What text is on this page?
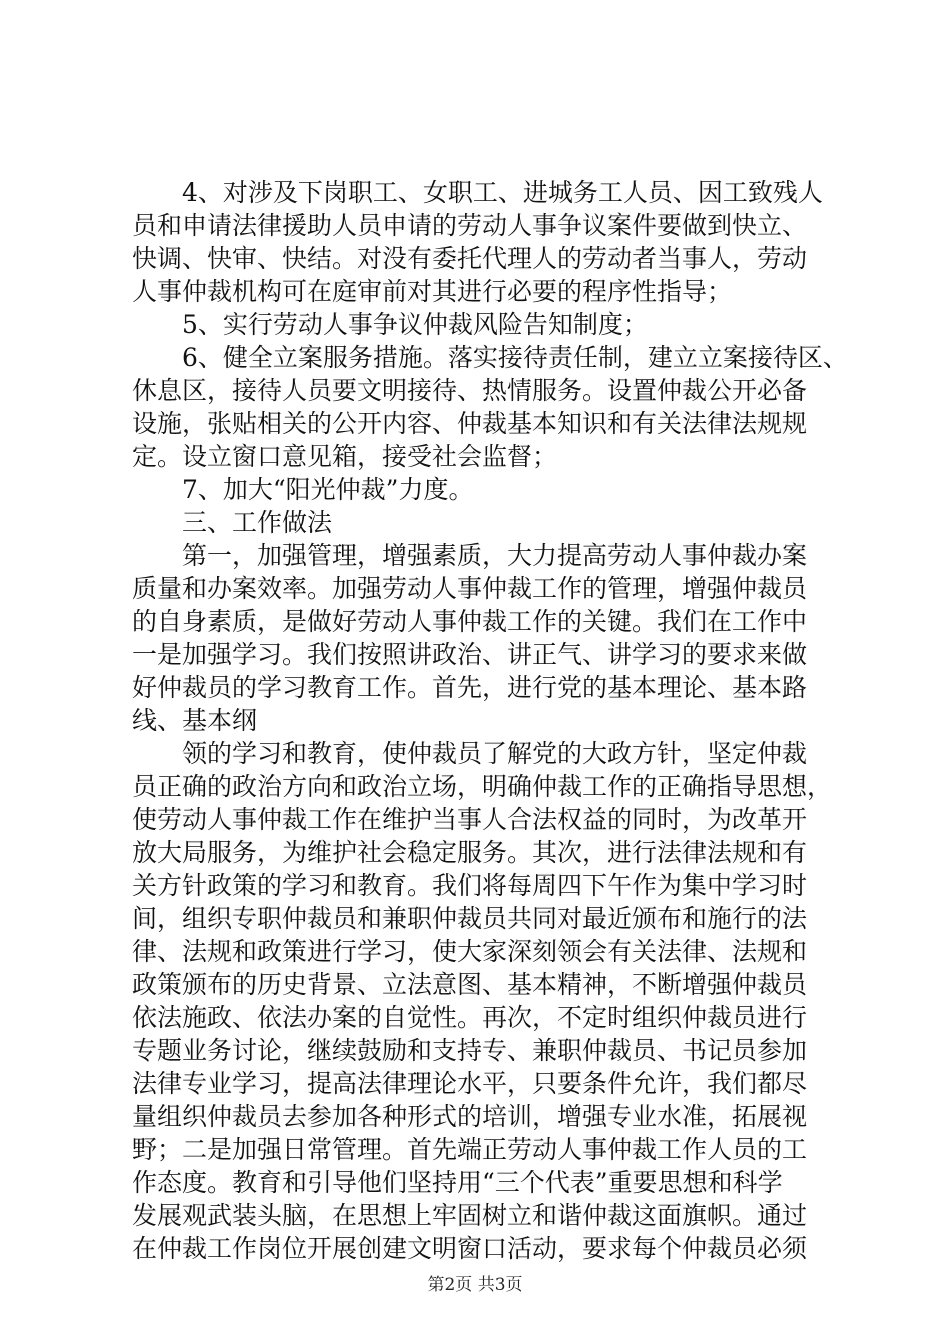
4、对涉及下岗职工、女职工、进城务工人员、因工致残人
员和申请法律援助人员申请的劳动人事争议案件要做到快立、
快调、快审、快结。对没有委托代理人的劳动者当事人，劳动
人事仲裁机构可在庭审前对其进行必要的程序性指导；
5、实行劳动人事争议仲裁风险告知制度；
6、健全立案服务措施。落实接待责任制，建立立案接待区、
休息区，接待人员要文明接待、热情服务。设置仲裁公开必备
设施，张贴相关的公开内容、仲裁基本知识和有关法律法规规
定。设立窗口意见箱，接受社会监督；
7、加大“阳光仲裁”力度。
三、工作做法
第一，加强管理，增强素质，大力提高劳动人事仲裁办案
质量和办案效率。加强劳动人事仲裁工作的管理，增强仲裁员
的自身素质，是做好劳动人事仲裁工作的关键。我们在工作中
一是加强学习。我们按照讲政治、讲正气、讲学习的要求来做
好仲裁员的学习教育工作。首先，进行党的基本理论、基本路
线、基本纲
领的学习和教育，使仲裁员了解党的大政方针，坚定仲裁
员正确的政治方向和政治立场，明确仲裁工作的正确指导思想，
使劳动人事仲裁工作在维护当事人合法权益的同时，为改革开
放大局服务，为维护社会稳定服务。其次，进行法律法规和有
关方针政策的学习和教育。我们将每周四下午作为集中学习时
间，组织专职仲裁员和兼职仲裁员共同对最近颁布和施行的法
律、法规和政策进行学习，使大家深刻领会有关法律、法规和
政策颁布的历史背景、立法意图、基本精神，不断增强仲裁员
依法施政、依法办案的自觉性。再次，不定时组织仲裁员进行
专题业务讨论，继续鼓励和支持专、兼职仲裁员、书记员参加
法律专业学习，提高法律理论水平，只要条件允许，我们都尽
量组织仲裁员去参加各种形式的培训，增强专业水准，拓展视
野；二是加强日常管理。首先端正劳动人事仲裁工作人员的工
作态度。教育和引导他们坚持用“三个代表”重要思想和科学
发展观武装头脑，在思想上牢固树立和谐仲裁这面旗帜。通过
在仲裁工作岗位开展创建文明窗口活动，要求每个仲裁员必须
第2页 共3页
